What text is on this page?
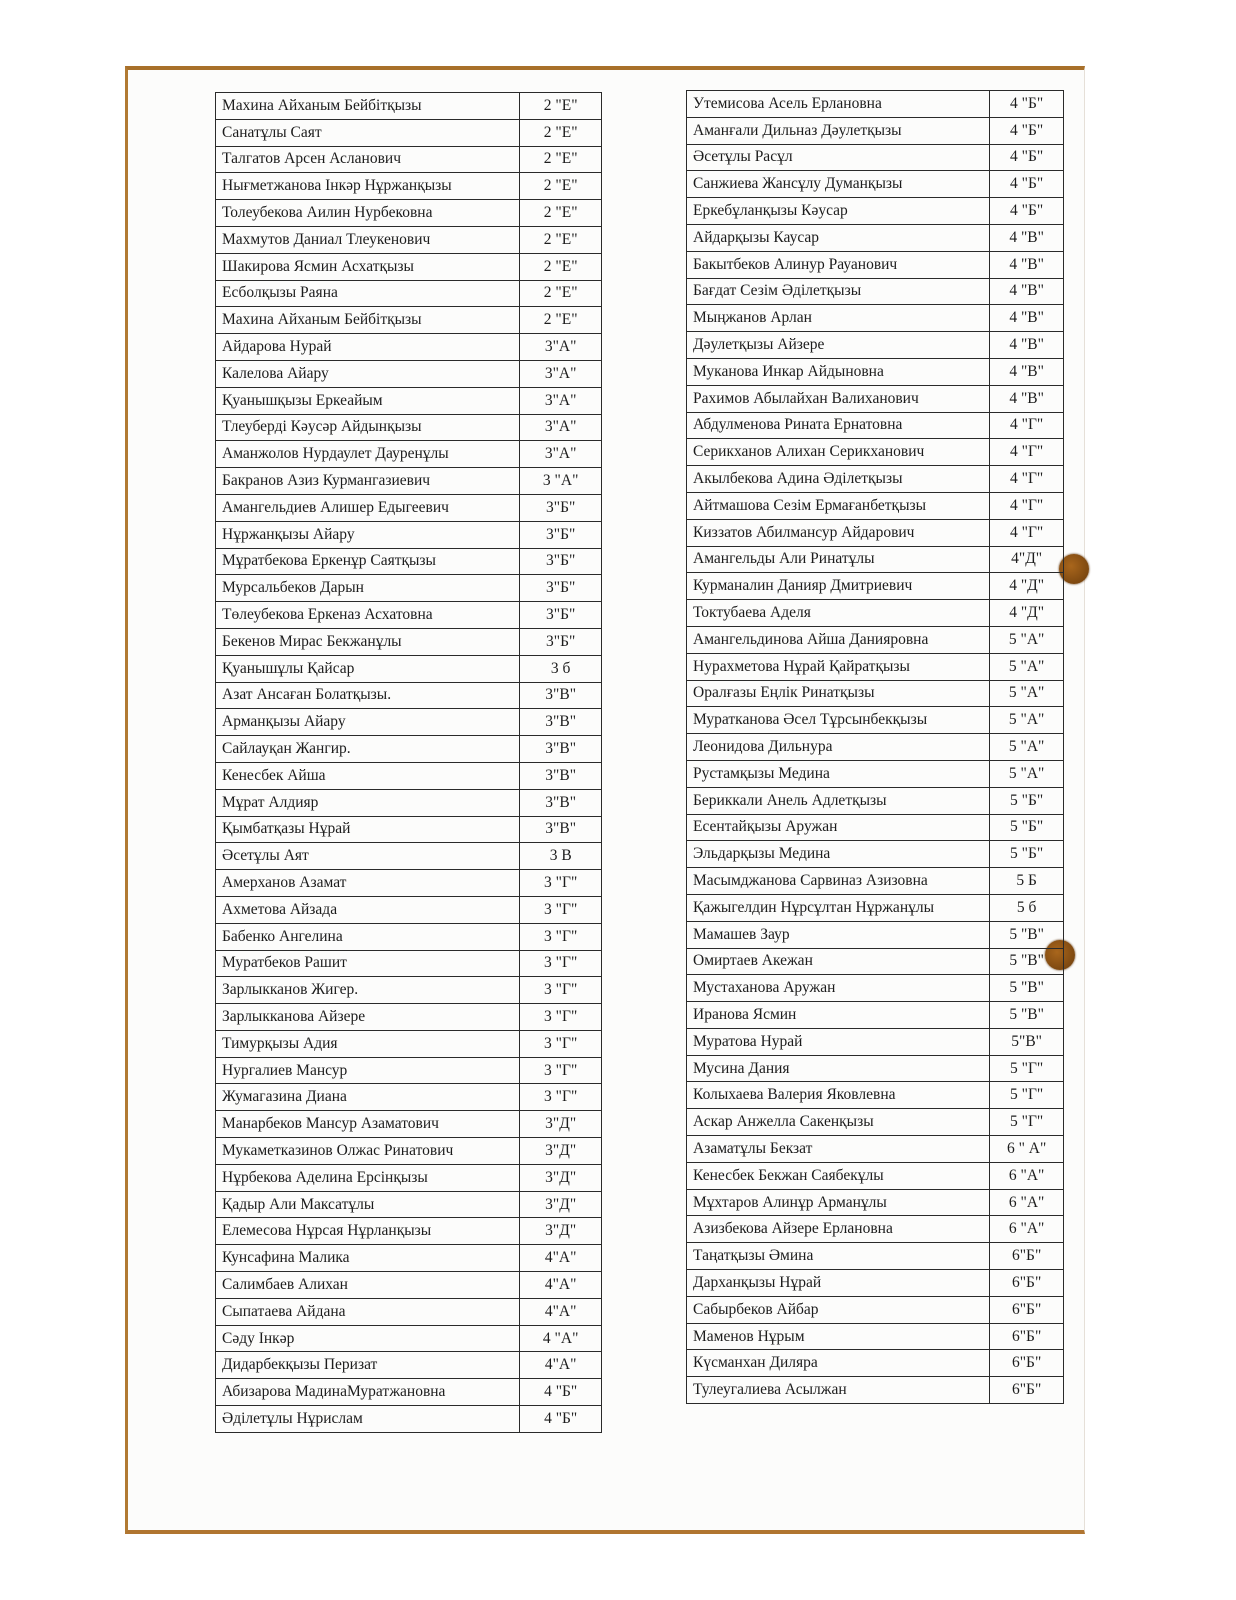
Махина Айханым Бейбітқызы	2 "Е"
Санатұлы Саят	2 "Е"
Талгатов Арсен Асланович	2 "Е"
Нығметжанова Інкәр Нұржанқызы	2 "Е"
Толеубекова Аилин Нурбековна	2 "Е"
Махмутов Даниал Тлеукенович	2 "Е"
Шакирова Ясмин Асхатқызы	2 "Е"
Есболқызы Раяна	2 "Е"
Махина Айханым Бейбітқызы	2 "Е"
Айдарова Нурай	3"А"
Калелова Айару	3"А"
Қуанышқызы Еркеайым	3"А"
Тлеуберді Кәусәр Айдынқызы	3"А"
Аманжолов Нурдаулет Дауренұлы	3"А"
Бакранов Азиз Курмангазиевич	3 "А"
Амангельдиев Алишер Едыгеевич	3"Б"
Нұржанқызы Айару	3"Б"
Мұратбекова Еркенұр Саятқызы	3"Б"
Мурсальбеков Дарын	3"Б"
Төлеубекова Еркеназ Асхатовна	3"Б"
Бекенов Мирас Бекжанұлы	3"Б"
Қуанышұлы Қайсар	3 б
Азат Ансаған Болатқызы.	3"В"
Арманқызы Айару	3"В"
Сайлауқан Жангир.	3"В"
Кенесбек Айша	3"В"
Мұрат Алдияр	3"В"
Қымбатқазы Нұрай	3"В"
Әсетұлы Аят	3 В
Амерханов Азамат	3 "Г"
Ахметова Айзада	3 "Г"
Бабенко Ангелина	3 "Г"
Муратбеков Рашит	3 "Г"
Зарлыкканов Жигер.	3 "Г"
Зарлыкканова Айзере	3 "Г"
Тимурқызы Адия	3 "Г"
Нургалиев Мансур	3 "Г"
Жумагазина Диана	3 "Г"
Манарбеков Мансур Азаматович	3"Д"
Мукаметказинов Олжас Ринатович	3"Д"
Нұрбекова Аделина Ерсінқызы	3"Д"
Қадыр Али Максатұлы	3"Д"
Елемесова Нұрсая Нұрланқызы	3"Д"
Кунсафина Малика	4"А"
Салимбаев Алихан	4"А"
Сыпатаева Айдана	4"А"
Сәду Інкәр	4 "А"
Дидарбекқызы Перизат	4"А"
Абизарова МадинаМуратжановна	4 "Б"
Әділетұлы Нұрислам	4 "Б"
Утемисова Асель Ерлановна	4 "Б"
Аманғали Дильназ Дәулетқызы	4 "Б"
Әсетұлы Расұл	4 "Б"
Санжиева Жансұлу Думанқызы	4 "Б"
Еркебұланқызы Кәусар	4 "Б"
Айдарқызы Каусар	4 "В"
Бакытбеков Алинур Рауанович	4 "В"
Бағдат Сезім Әділетқызы	4 "В"
Мыңжанов Арлан	4 "В"
Дәулетқызы Айзере	4 "В"
Муканова Инкар Айдыновна	4 "В"
Рахимов Абылайхан Валиханович	4 "В"
Абдулменова Рината Ернатовна	4 "Г"
Серикханов Алихан Серикханович	4 "Г"
Акылбекова Адина Әділетқызы	4 "Г"
Айтмашова Сезім Ермағанбетқызы	4 "Г"
Киззатов Абилмансур Айдарович	4 "Г"
Амангельды Али Ринатұлы	4"Д"
Курманалин Данияр Дмитриевич	4 "Д"
Токтубаева Аделя	4 "Д"
Амангельдинова Айша Данияровна	5 "А"
Нурахметова Нұрай Қайратқызы	5 "А"
Оралғазы Еңлік Ринатқызы	5 "А"
Муратканова Әсел Тұрсынбекқызы	5 "А"
Леонидова Дильнура	5 "А"
Рустамқызы Медина	5 "А"
Бериккали Анель Адлетқызы	5 "Б"
Есентайқызы Аружан	5 "Б"
Эльдарқызы Медина	5 "Б"
Масымджанова Сарвиназ Азизовна	5 Б
Қажыгелдин Нұрсұлтан Нұржанұлы	5 б
Мамашев Заур	5 "В"
Омиртаев Акежан	5 "В"
Мустаханова Аружан	5 "В"
Иранова Ясмин	5 "В"
Муратова Нурай	5"В"
Мусина Дания	5 "Г"
Колыхаева Валерия Яковлевна	5 "Г"
Аскар Анжелла Сакенқызы	5 "Г"
Азаматұлы Бекзат	6 " А"
Кенесбек Бекжан Саябекұлы	6 "А"
Мұхтаров Алинұр Арманұлы	6 "А"
Азизбекова Айзере Ерлановна	6 "А"
Таңатқызы Әмина	6"Б"
Дарханқызы Нұрай	6"Б"
Сабырбеков Айбар	6"Б"
Маменов Нұрым	6"Б"
Күсманхан Диляра	6"Б"
Тулеугалиева Асылжан	6"Б"
